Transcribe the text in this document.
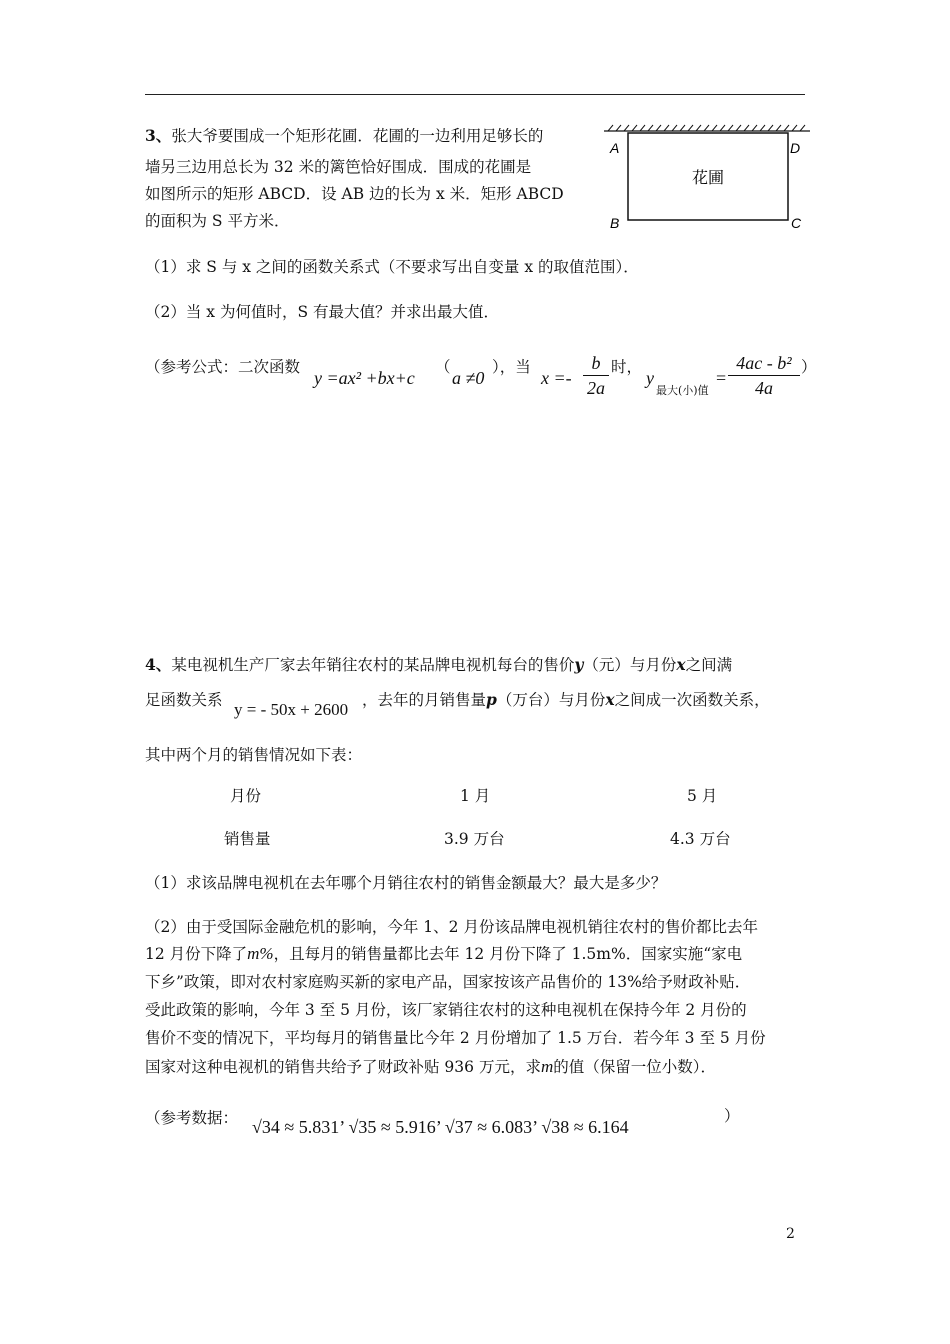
3、张大爷要围成一个矩形花圃．花圃的一边利用足够长的
墙另三边用总长为 32 米的篱笆恰好围成．围成的花圃是
如图所示的矩形 ABCD．设 AB 边的长为 x 米．矩形 ABCD
的面积为 S 平方米．
花圃
A	D
B	C
（1）求 S 与 x 之间的函数关系式（不要求写出自变量 x 的取值范围）．
（2）当 x 为何值时，S 有最大值？并求出最大值．
（参考公式：二次函数
y =ax² +bx+c
（
a ≠0
），当
x =-
b
2a
时，
y
最大(小)值
=
4ac - b²
4a
）
4、某电视机生产厂家去年销往农村的某品牌电视机每台的售价y（元）与月份x之间满
足函数关系 y = - 50x + 2600 ，去年的月销售量p（万台）与月份x之间成一次函数关系，
其中两个月的销售情况如下表：
月份	1 月	5 月
销售量	3.9 万台	4.3 万台
（1）求该品牌电视机在去年哪个月销往农村的销售金额最大？最大是多少？
（2）由于受国际金融危机的影响，今年 1、2 月份该品牌电视机销往农村的售价都比去年
12 月份下降了m%，且每月的销售量都比去年 12 月份下降了 1.5m%．国家实施“家电
下乡”政策，即对农村家庭购买新的家电产品，国家按该产品售价的 13%给予财政补贴．
受此政策的影响，今年 3 至 5 月份，该厂家销往农村的这种电视机在保持今年 2 月份的
售价不变的情况下，平均每月的销售量比今年 2 月份增加了 1.5 万台．若今年 3 至 5 月份
国家对这种电视机的销售共给予了财政补贴 936 万元，求m的值（保留一位小数）．
（参考数据： √34 ≈ 5.831’ √35 ≈ 5.916’ √37 ≈ 6.083’ √38 ≈ 6.164
）
2
